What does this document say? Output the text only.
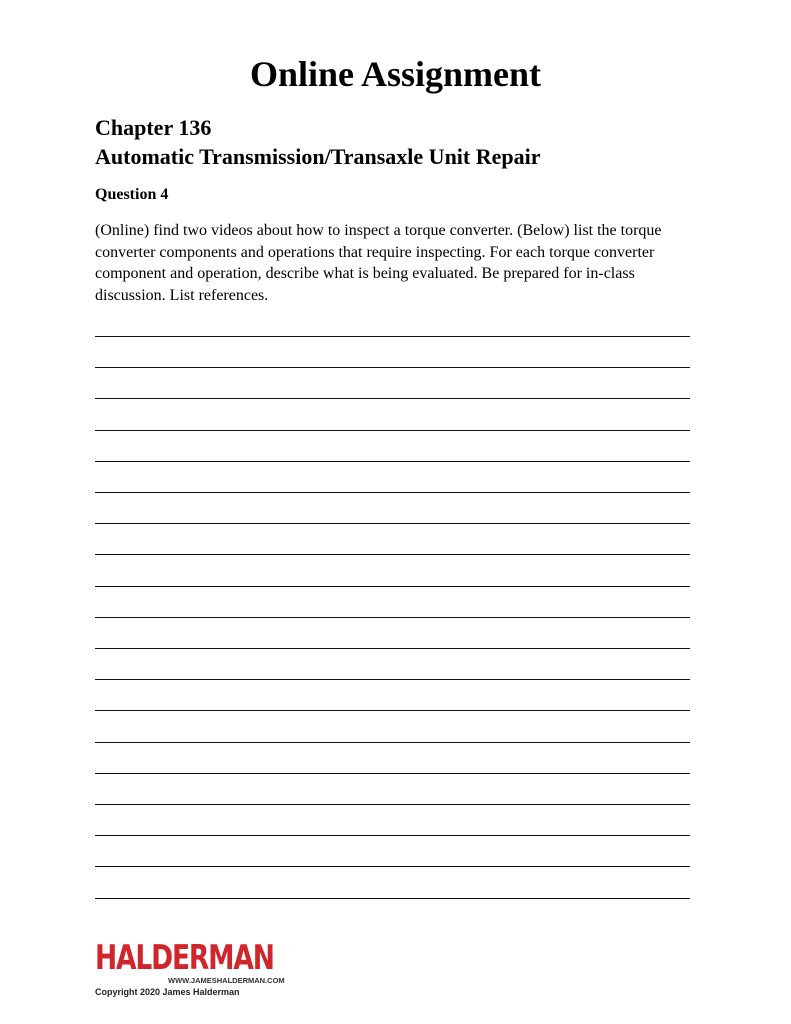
Online Assignment
Chapter 136
Automatic Transmission/Transaxle Unit Repair
Question 4

(Online) find two videos about how to inspect a torque converter. (Below) list the torque converter components and operations that require inspecting. For each torque converter component and operation, describe what is being evaluated. Be prepared for in-class discussion. List references.

HALDERMAN
WWW.JAMESHALDERMAN.COM
Copyright 2020 James Halderman
